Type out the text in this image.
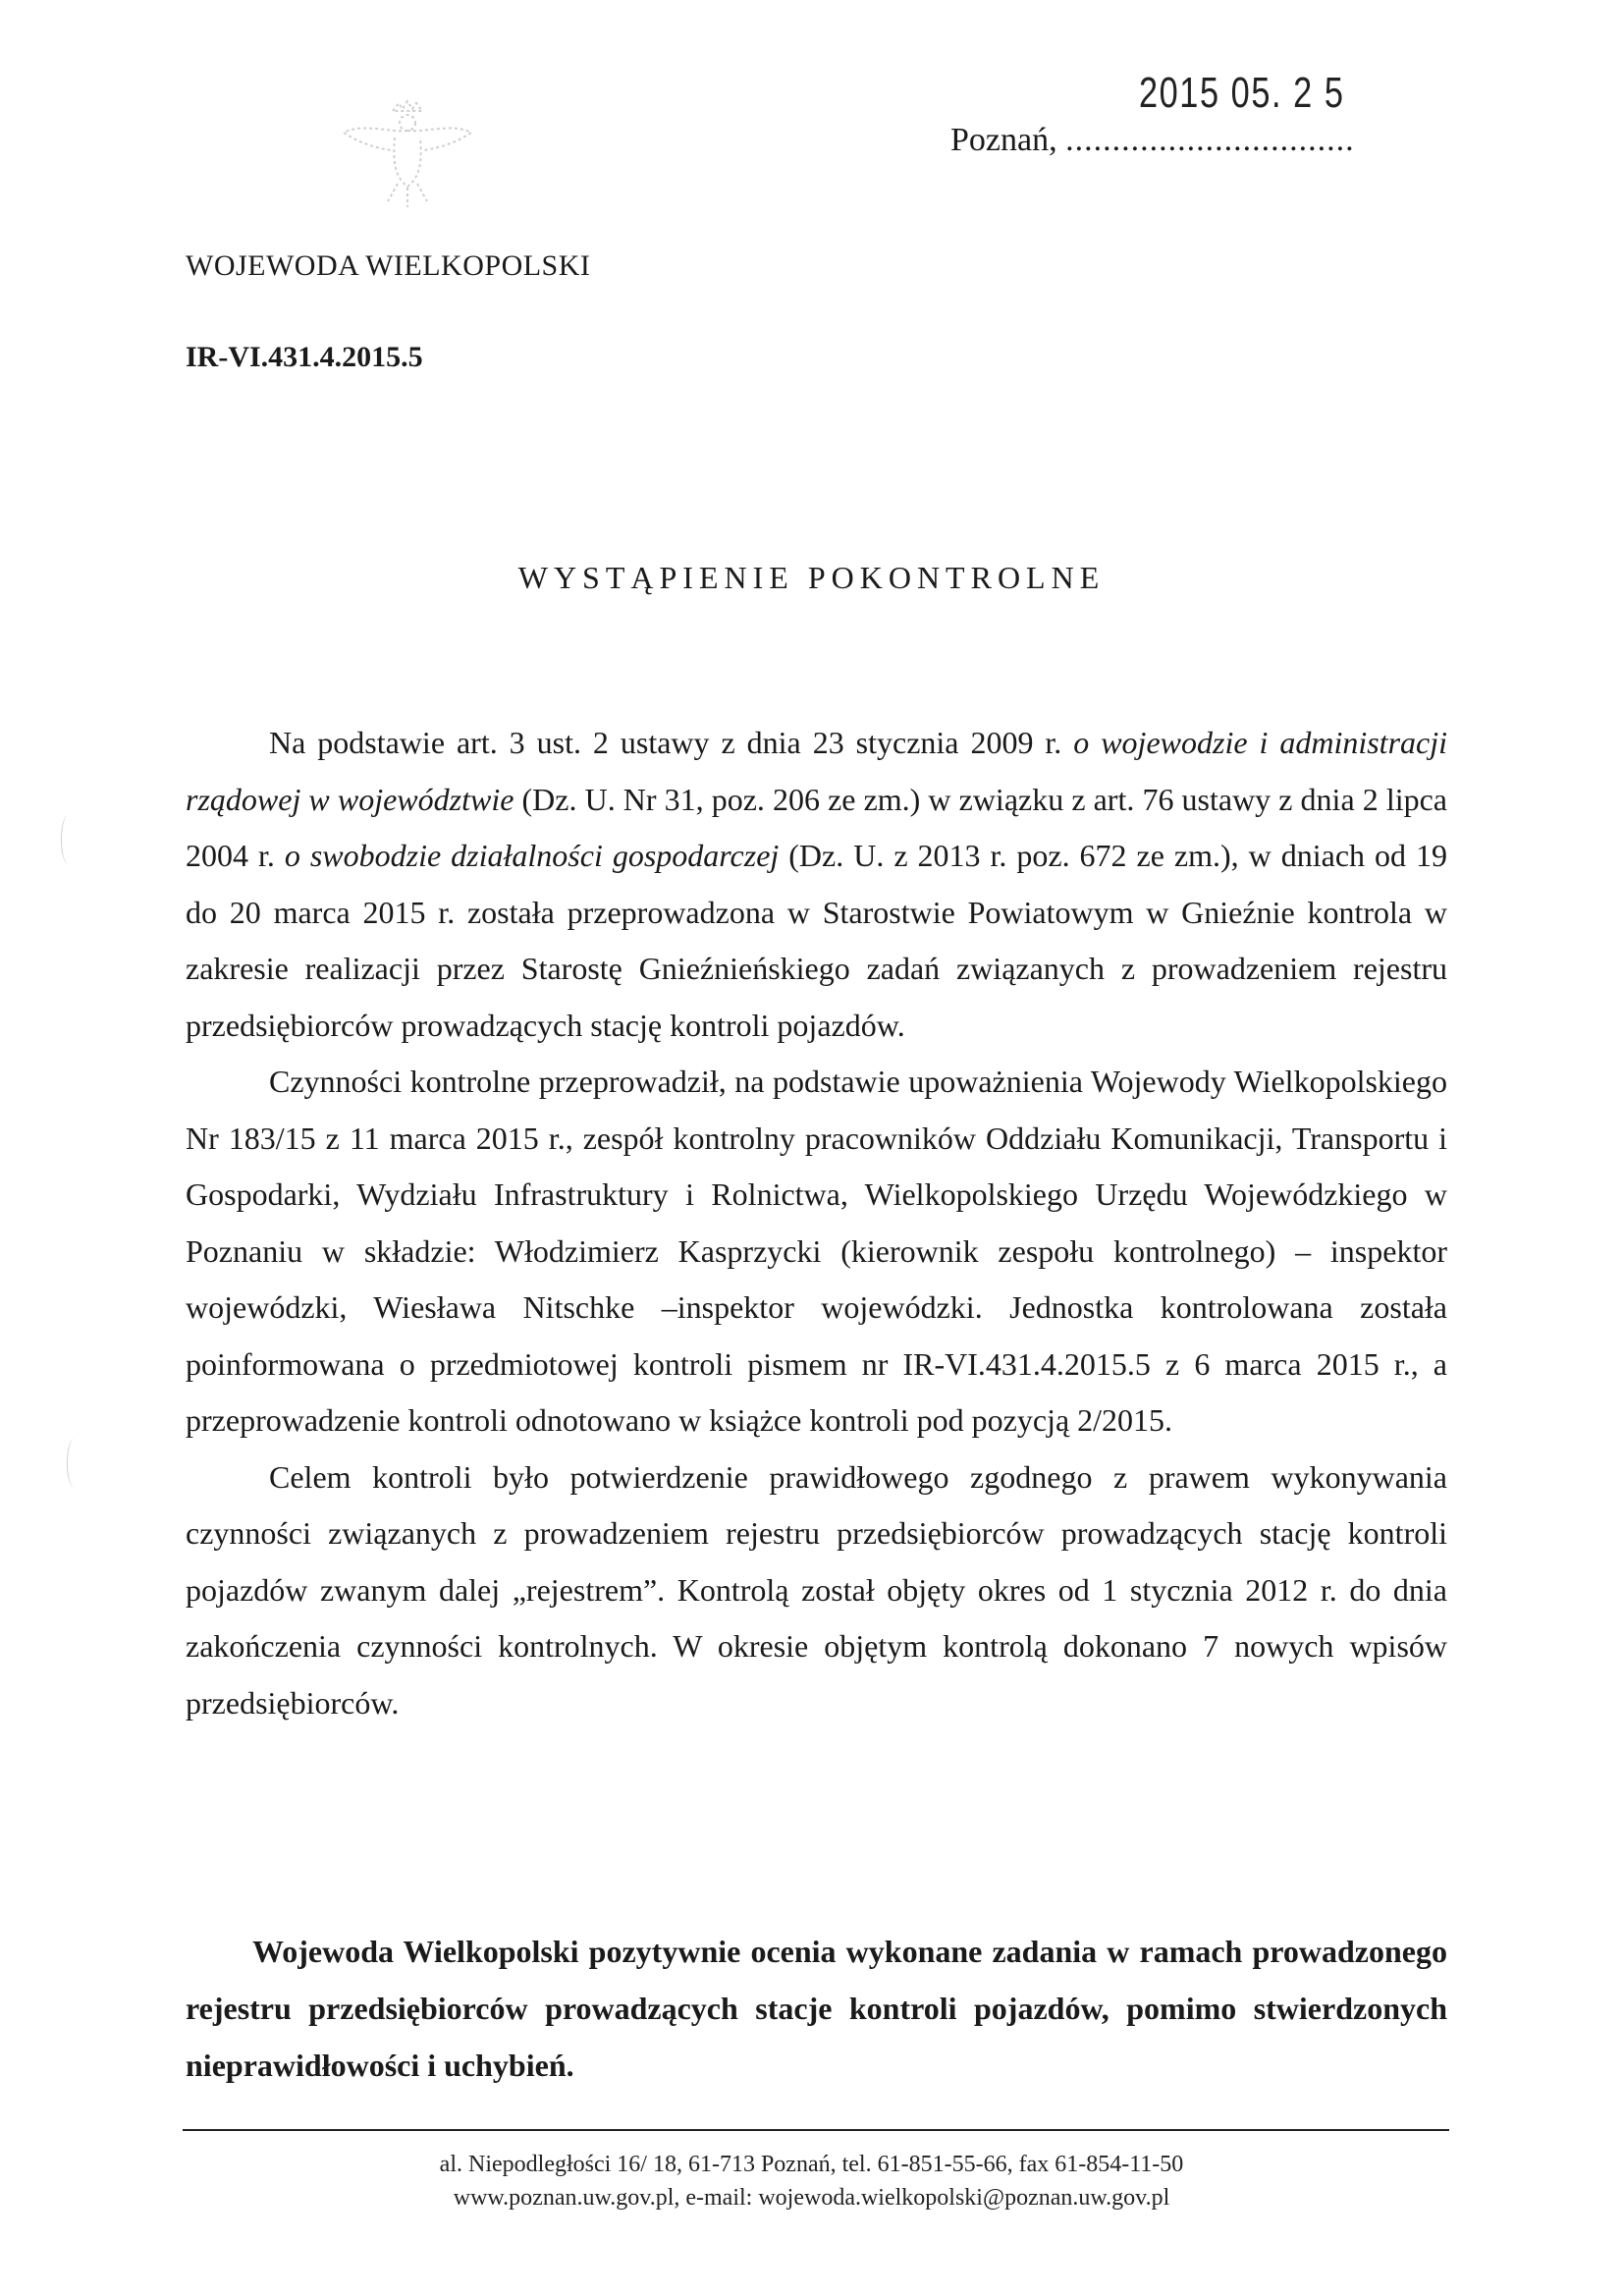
2015 05. 2 5
Poznań, ...............................
WOJEWODA WIELKOPOLSKI
IR-VI.431.4.2015.5
WYSTĄPIENIE POKONTROLNE

Na podstawie art. 3 ust. 2 ustawy z dnia 23 stycznia 2009 r. o wojewodzie i administracji rządowej w województwie (Dz. U. Nr 31, poz. 206 ze zm.) w związku z art. 76 ustawy z dnia 2 lipca 2004 r. o swobodzie działalności gospodarczej (Dz. U. z 2013 r. poz. 672 ze zm.), w dniach od 19 do 20 marca 2015 r. została przeprowadzona w Starostwie Powiatowym w Gnieźnie kontrola w zakresie realizacji przez Starostę Gnieźnieńskiego zadań związanych z prowadzeniem rejestru przedsiębiorców prowadzących stację kontroli pojazdów.

Czynności kontrolne przeprowadził, na podstawie upoważnienia Wojewody Wielkopolskiego Nr 183/15 z 11 marca 2015 r., zespół kontrolny pracowników Oddziału Komunikacji, Transportu i Gospodarki, Wydziału Infrastruktury i Rolnictwa, Wielkopolskiego Urzędu Wojewódzkiego w Poznaniu w składzie: Włodzimierz Kasprzycki (kierownik zespołu kontrolnego) – inspektor wojewódzki, Wiesława Nitschke –inspektor wojewódzki. Jednostka kontrolowana została poinformowana o przedmiotowej kontroli pismem nr IR-VI.431.4.2015.5 z 6 marca 2015 r., a przeprowadzenie kontroli odnotowano w książce kontroli pod pozycją 2/2015.

Celem kontroli było potwierdzenie prawidłowego zgodnego z prawem wykonywania czynności związanych z prowadzeniem rejestru przedsiębiorców prowadzących stację kontroli pojazdów zwanym dalej „rejestrem”. Kontrolą został objęty okres od 1 stycznia 2012 r. do dnia zakończenia czynności kontrolnych. W okresie objętym kontrolą dokonano 7 nowych wpisów przedsiębiorców.

Wojewoda Wielkopolski pozytywnie ocenia wykonane zadania w ramach prowadzonego rejestru przedsiębiorców prowadzących stacje kontroli pojazdów, pomimo stwierdzonych nieprawidłowości i uchybień.
al. Niepodległości 16/ 18, 61-713 Poznań, tel. 61-851-55-66, fax 61-854-11-50
www.poznan.uw.gov.pl, e-mail: wojewoda.wielkopolski@poznan.uw.gov.pl
